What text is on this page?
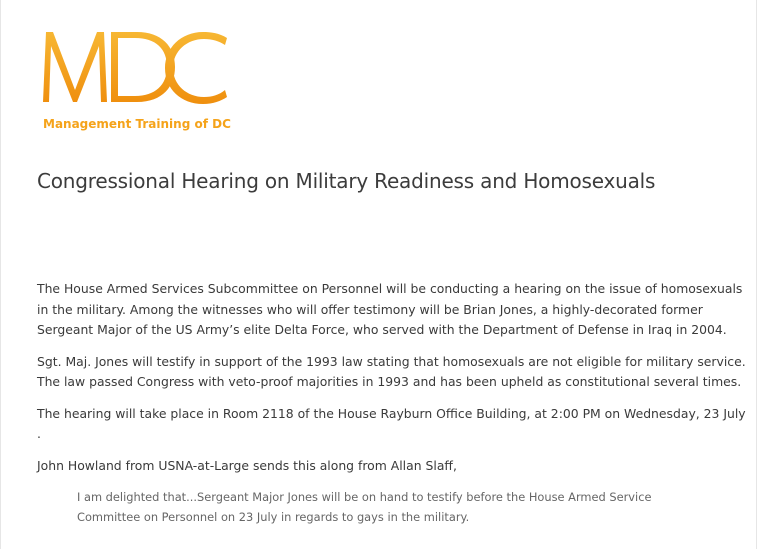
Management Training of DC
Congressional Hearing on Military Readiness and Homosexuals

The House Armed Services Subcommittee on Personnel will be conducting a hearing on the issue of homosexuals in the military. Among the witnesses who will offer testimony will be Brian Jones, a highly-decorated former Sergeant Major of the US Army’s elite Delta Force, who served with the Department of Defense in Iraq in 2004.

Sgt. Maj. Jones will testify in support of the 1993 law stating that homosexuals are not eligible for military service. The law passed Congress with veto-proof majorities in 1993 and has been upheld as constitutional several times.

The hearing will take place in Room 2118 of the House Rayburn Office Building, at 2:00 PM on Wednesday, 23 July .

John Howland from USNA-at-Large sends this along from Allan Slaff,

I am delighted that...Sergeant Major Jones will be on hand to testify before the House Armed Service Committee on Personnel on 23 July in regards to gays in the military.
